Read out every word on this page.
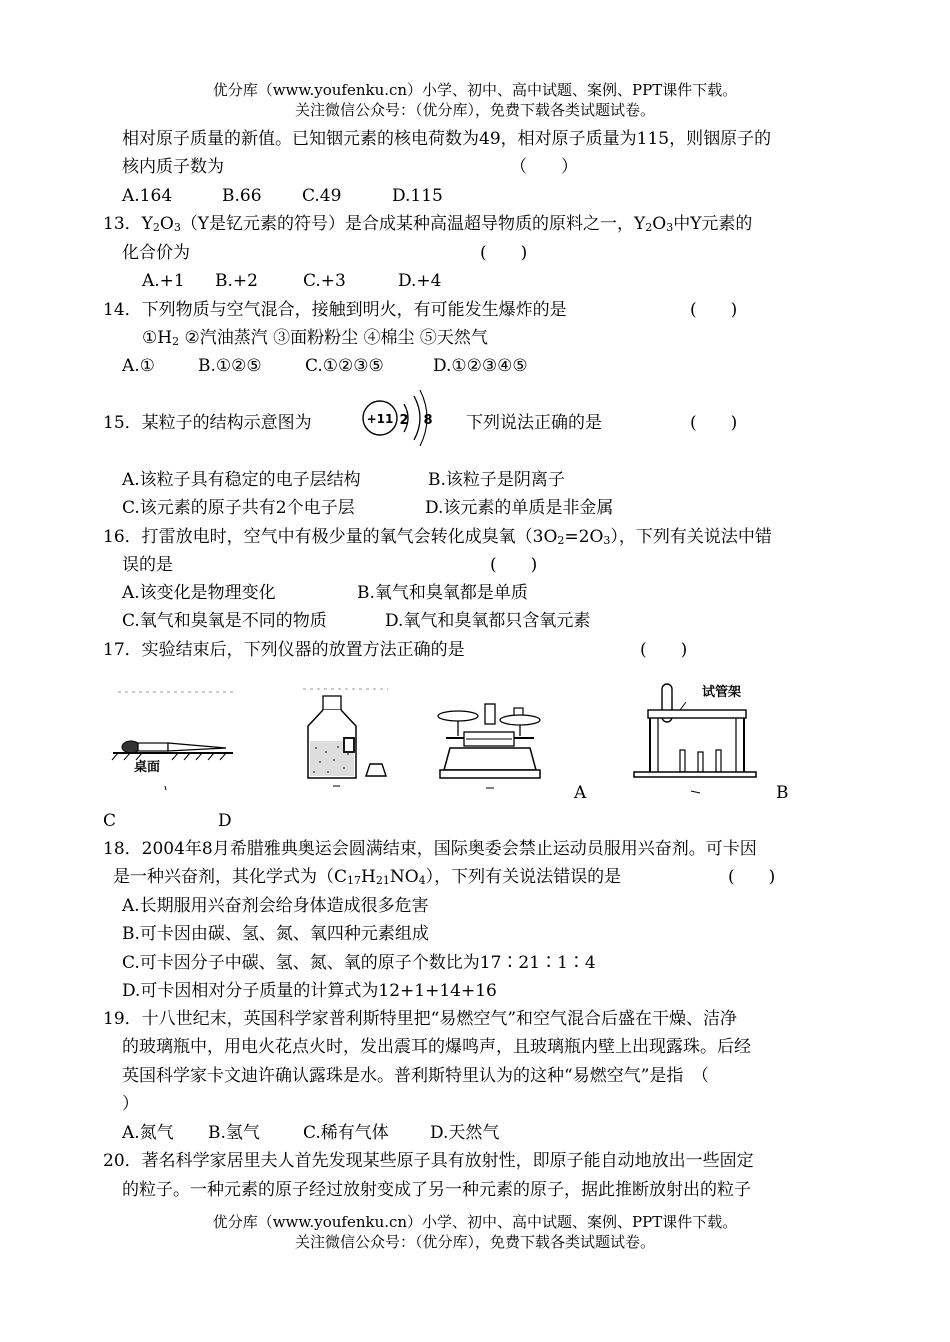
优分库（www.youfenku.cn）小学、初中、高中试题、案例、PPT课件下载。
关注微信公众号：（优分库），免费下载各类试题试卷。
相对原子质量的新值。已知铟元素的核电荷数为49，相对原子质量为115，则铟原子的
核内质子数为	（　　）
A.164	B.66 C.49	D.115
13．$Y_2O_3(Y$是钇元素的符号）是合成某种高温超导物质的原料之一，$Y_2O_3$中Y元素的
化合价为	(　　)
A.+1 B.+2	C.+3	D.+4
14．下列物质与空气混合，接触到明火，有可能发生爆炸的是	(　　)
$①H_2$ ②汽油蒸汽 ③面粉粉尘 ④棉尘 ⑤天然气
A.①	B.①②⑤	C.①②③⑤	D.①②③④⑤
15．某粒子的结构示意图为	+11 2 8 下列说法正确的是	(　　)
A.该粒子具有稳定的电子层结构	B.该粒子是阴离子
C.该元素的原子共有2个电子层	D.该元素的单质是非金属
16．打雷放电时，空气中有极少量的氧气会转化成臭氧$(3O_2=2O_3)$，下列有关说法中错
误的是	(　　)
A.该变化是物理变化	B.氧气和臭氧都是单质
C.氧气和臭氧是不同的物质	D.氧气和臭氧都只含氧元素
17．实验结束后，下列仪器的放置方法正确的是	(　　)
桌面
试管架
A	B
C	D
18．2004年8月希腊雅典奥运会圆满结束，国际奥委会禁止运动员服用兴奋剂。可卡因
是一种兴奋剂，其化学式为$(C_{17}H_{21}NO_4)$，下列有关说法错误的是	(　　)
A.长期服用兴奋剂会给身体造成很多危害
B.可卡因由碳、氢、氮、氧四种元素组成
C.可卡因分子中碳、氢、氮、氧的原子个数比为17∶21∶1∶4
D.可卡因相对分子质量的计算式为12+1+14+16
19．十八世纪末，英国科学家普利斯特里把“易燃空气”和空气混合后盛在干燥、洁净
的玻璃瓶中，用电火花点火时，发出震耳的爆鸣声，且玻璃瓶内壁上出现露珠。后经
英国科学家卡文迪许确认露珠是水。普利斯特里认为的这种“易燃空气”是指　（
）
A.氮气 B.氢气	C.稀有气体 D.天然气
20．著名科学家居里夫人首先发现某些原子具有放射性，即原子能自动地放出一些固定
的粒子。一种元素的原子经过放射变成了另一种元素的原子，据此推断放射出的粒子
优分库（www.youfenku.cn）小学、初中、高中试题、案例、PPT课件下载。
关注微信公众号：（优分库），免费下载各类试题试卷。
